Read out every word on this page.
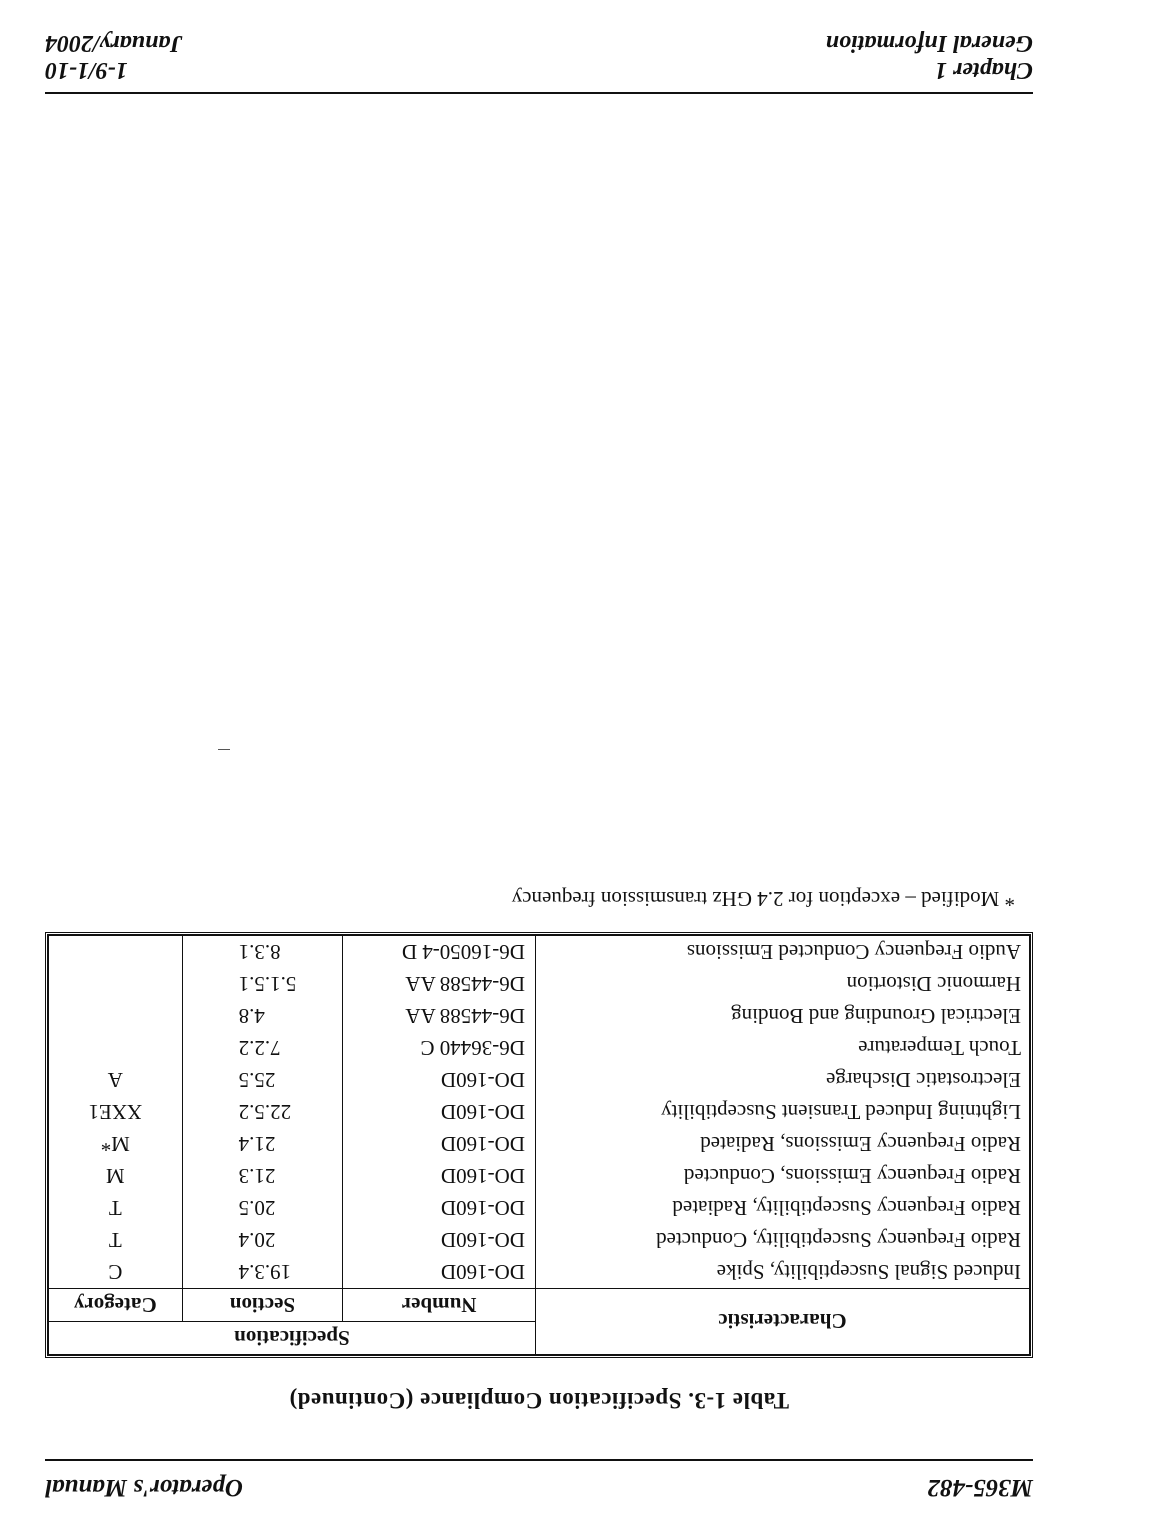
M365-482
Operator's Manual
Table 1-3. Specification Compliance (Continued)
Characteristic	Specification		
	Number	Section	Category
Induced Signal Susceptibility, Spike	DO-160D	19.3.4	C
Radio Frequency Susceptibility, Conducted	DO-160D	20.4	T
Radio Frequency Susceptibility, Radiated	DO-160D	20.5	T
Radio Frequency Emissions, Conducted	DO-160D	21.3	M
Radio Frequency Emissions, Radiated	DO-160D	21.4	M*
Lightning Induced Transient Susceptibility	DO-160D	22.5.2	XXE1
Electrostatic Discharge	DO-160D	25.5	A
Touch Temperature	D6-36440 C	7.2.2	
Electrical Grounding and Bonding	D6-44588 AA	4.8	
Harmonic Distortion	D6-44588 AA	5.1.5.1	
Audio Frequency Conducted Emissions	D6-16050-4 D	8.3.1	
* Modified – exception for 2.4 GHz transmission frequency
Chapter 1
General Information
1-9/1-10
January/2004
